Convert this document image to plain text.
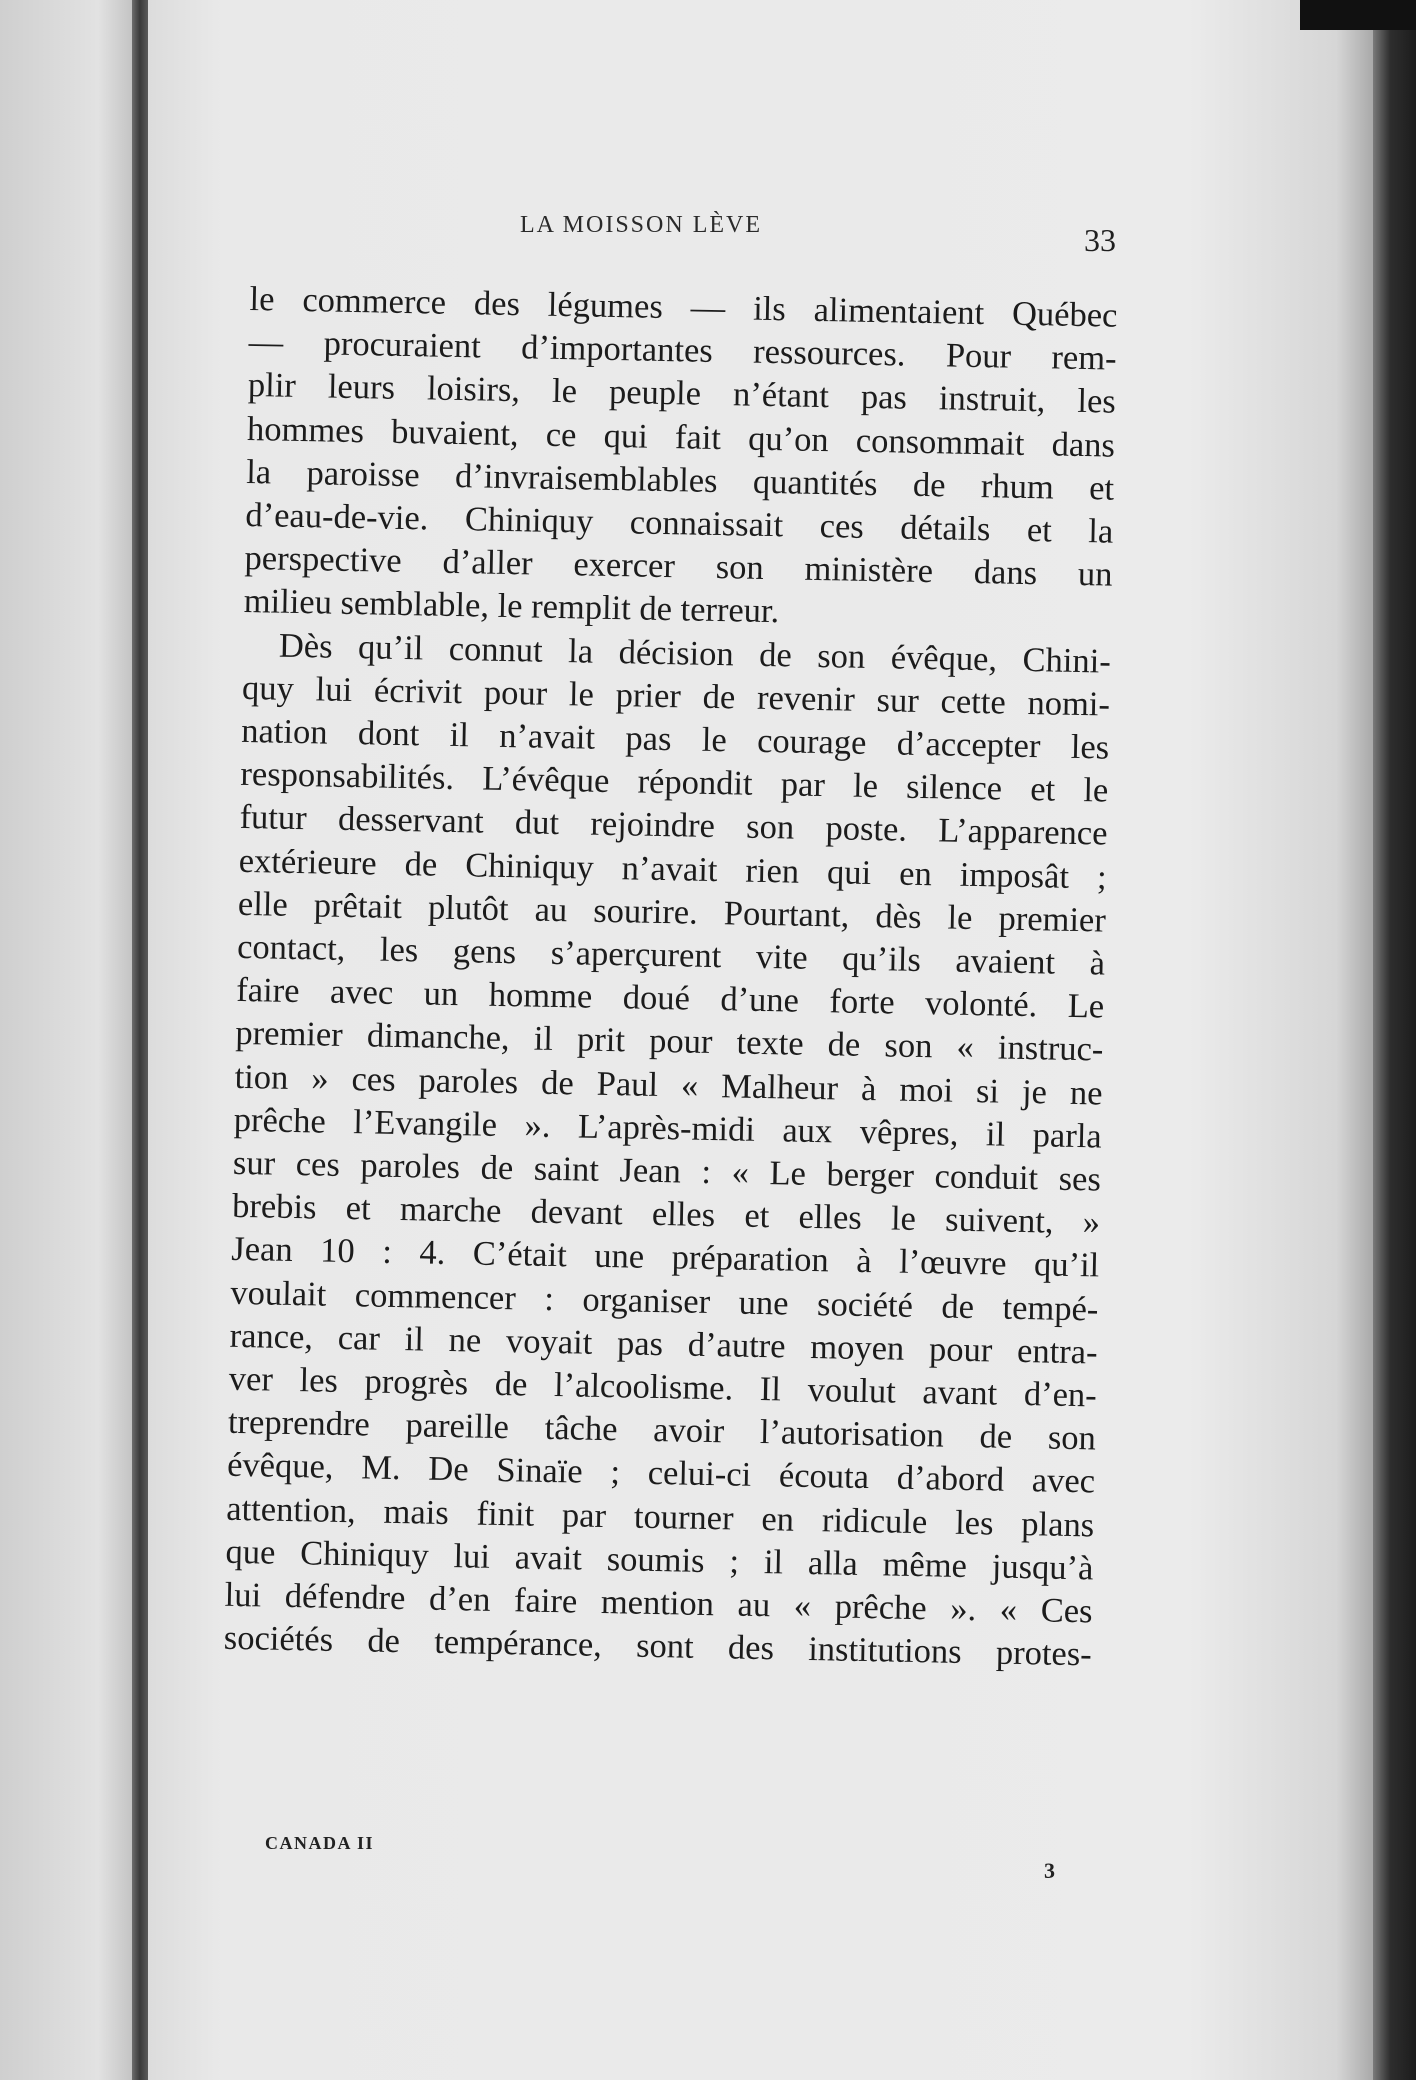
LA MOISSON LÈVE	33
le commerce des légumes — ils alimentaient Québec
— procuraient d’importantes ressources. Pour rem-
plir leurs loisirs, le peuple n’étant pas instruit, les
hommes buvaient, ce qui fait qu’on consommait dans
la paroisse d’invraisemblables quantités de rhum et
d’eau-de-vie. Chiniquy connaissait ces détails et la
perspective d’aller exercer son ministère dans un
milieu semblable, le remplit de terreur.
Dès qu’il connut la décision de son évêque, Chini-
quy lui écrivit pour le prier de revenir sur cette nomi-
nation dont il n’avait pas le courage d’accepter les
responsabilités. L’évêque répondit par le silence et le
futur desservant dut rejoindre son poste. L’apparence
extérieure de Chiniquy n’avait rien qui en imposât ;
elle prêtait plutôt au sourire. Pourtant, dès le premier
contact, les gens s’aperçurent vite qu’ils avaient à
faire avec un homme doué d’une forte volonté. Le
premier dimanche, il prit pour texte de son « instruc-
tion » ces paroles de Paul « Malheur à moi si je ne
prêche l’Evangile ». L’après-midi aux vêpres, il parla
sur ces paroles de saint Jean : « Le berger conduit ses
brebis et marche devant elles et elles le suivent, »
Jean 10 : 4. C’était une préparation à l’œuvre qu’il
voulait commencer : organiser une société de tempé-
rance, car il ne voyait pas d’autre moyen pour entra-
ver les progrès de l’alcoolisme. Il voulut avant d’en-
treprendre pareille tâche avoir l’autorisation de son
évêque, M. De Sinaïe ; celui-ci écouta d’abord avec
attention, mais finit par tourner en ridicule les plans
que Chiniquy lui avait soumis ; il alla même jusqu’à
lui défendre d’en faire mention au « prêche ». « Ces
sociétés de tempérance, sont des institutions protes-
CANADA II
3
